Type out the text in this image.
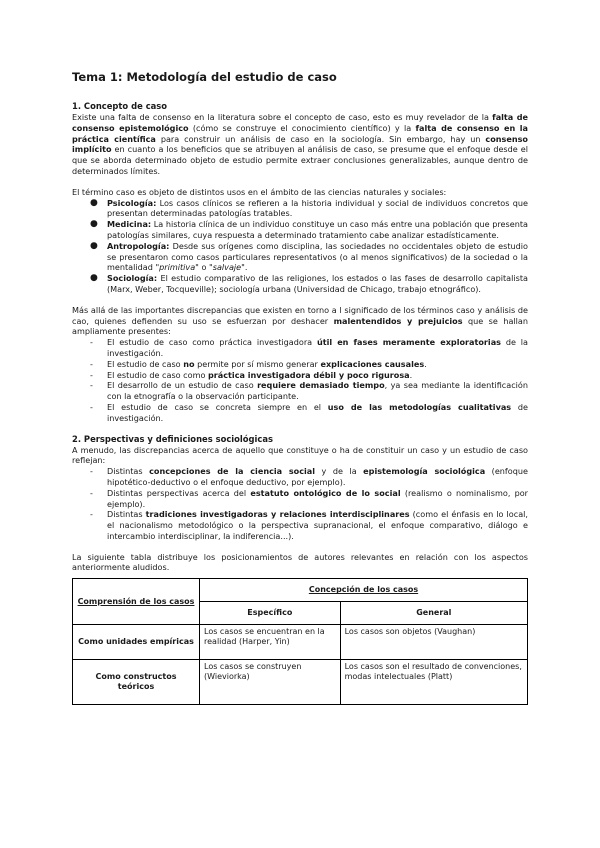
Tema 1: Metodología del estudio de caso
1. Concepto de caso

Existe una falta de consenso en la literatura sobre el concepto de caso, esto es muy revelador de la falta de consenso epistemológico (cómo se construye el conocimiento científico) y la falta de consenso en la práctica científica para construir un análisis de caso en la sociología. Sin embargo, hay un consenso implícito en cuanto a los beneficios que se atribuyen al análisis de caso, se presume que el enfoque desde el que se aborda determinado objeto de estudio permite extraer conclusiones generalizables, aunque dentro de determinados límites.

El término caso es objeto de distintos usos en el ámbito de las ciencias naturales y sociales:

● Psicología: Los casos clínicos se refieren a la historia individual y social de individuos concretos que presentan determinadas patologías tratables.
● Medicina: La historia clínica de un individuo constituye un caso más entre una población que presenta patologías similares, cuya respuesta a determinado tratamiento cabe analizar estadísticamente.
● Antropología: Desde sus orígenes como disciplina, las sociedades no occidentales objeto de estudio se presentaron como casos particulares representativos (o al menos significativos) de la sociedad o la mentalidad "primitiva" o "salvaje".
● Sociología: El estudio comparativo de las religiones, los estados o las fases de desarrollo capitalista (Marx, Weber, Tocqueville); sociología urbana (Universidad de Chicago, trabajo etnográfico).

Más allá de las importantes discrepancias que existen en torno a l significado de los términos caso y análisis de cao, quienes defienden su uso se esfuerzan por deshacer malentendidos y prejuicios que se hallan ampliamente presentes:

- El estudio de caso como práctica investigadora útil en fases meramente exploratorias de la investigación.
- El estudio de caso no permite por sí mismo generar explicaciones causales.
- El estudio de caso como práctica investigadora débil y poco rigurosa.
- El desarrollo de un estudio de caso requiere demasiado tiempo, ya sea mediante la identificación con la etnografía o la observación participante.
- El estudio de caso se concreta siempre en el uso de las metodologías cualitativas de investigación.
2. Perspectivas y definiciones sociológicas

A menudo, las discrepancias acerca de aquello que constituye o ha de constituir un caso y un estudio de caso reflejan:

- Distintas concepciones de la ciencia social y de la epistemología sociológica (enfoque hipotético-deductivo o el enfoque deductivo, por ejemplo).
- Distintas perspectivas acerca del estatuto ontológico de lo social (realismo o nominalismo, por ejemplo).
- Distintas tradiciones investigadoras y relaciones interdisciplinares (como el énfasis en lo local, el nacionalismo metodológico o la perspectiva supranacional, el enfoque comparativo, diálogo e intercambio interdisciplinar, la indiferencia...).

La siguiente tabla distribuye los posicionamientos de autores relevantes en relación con los aspectos anteriormente aludidos.

Comprensión de los casos	Concepción de los casos	
	Específico	General
Como unidades empíricas	Los casos se encuentran en la realidad (Harper, Yin)	Los casos son objetos (Vaughan)
Como constructos teóricos	Los casos se construyen (Wieviorka)	Los casos son el resultado de convenciones, modas intelectuales (Platt)
